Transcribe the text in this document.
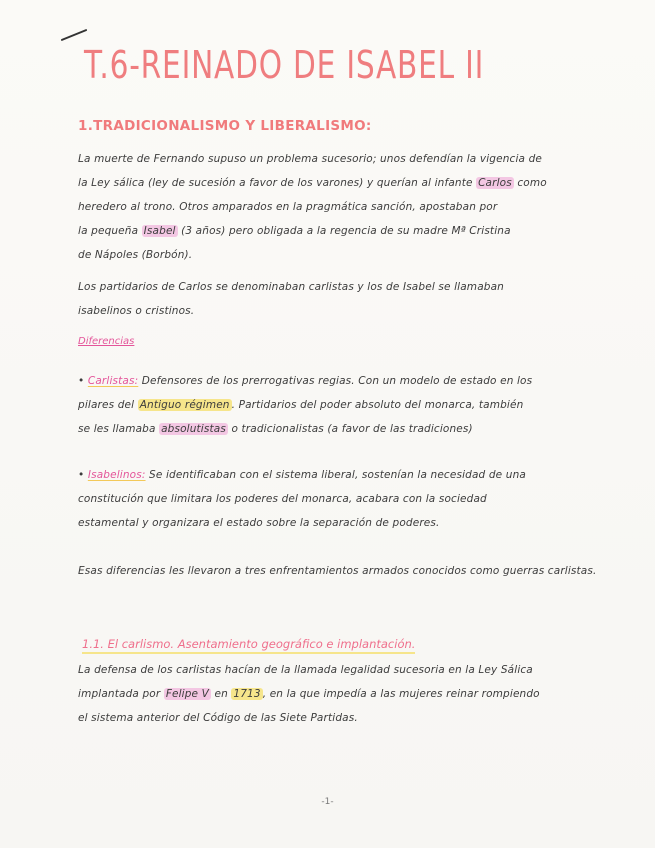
T.6-REINADO DE ISABEL II
1.TRADICIONALISMO Y LIBERALISMO:
La muerte de Fernando supuso un problema sucesorio; unos defendían la vigencia de
la Ley sálica (ley de sucesión a favor de los varones) y querían al infante Carlos como
heredero al trono. Otros amparados en la pragmática sanción, apostaban por
la pequeña Isabel (3 años) pero obligada a la regencia de su madre Mª Cristina
de Nápoles (Borbón).
Los partidarios de Carlos se denominaban carlistas y los de Isabel se llamaban
isabelinos o cristinos.
Diferencias
• Carlistas: Defensores de los prerrogativas regias. Con un modelo de estado en los
pilares del Antiguo régimen . Partidarios del poder absoluto del monarca, también
se les llamaba absolutistas o tradicionalistas (a favor de las tradiciones)
• Isabelinos: Se identificaban con el sistema liberal, sostenían la necesidad de una
constitución que limitara los poderes del monarca, acabara con la sociedad
estamental y organizara el estado sobre la separación de poderes.
Esas diferencias les llevaron a tres enfrentamientos armados conocidos como guerras carlistas.
1.1. El carlismo. Asentamiento geográfico e implantación.
La defensa de los carlistas hacían de la llamada legalidad sucesoria en la Ley Sálica
implantada por Felipe V en 1713 , en la que impedía a las mujeres reinar rompiendo
el sistema anterior del Código de las Siete Partidas.
-1-
